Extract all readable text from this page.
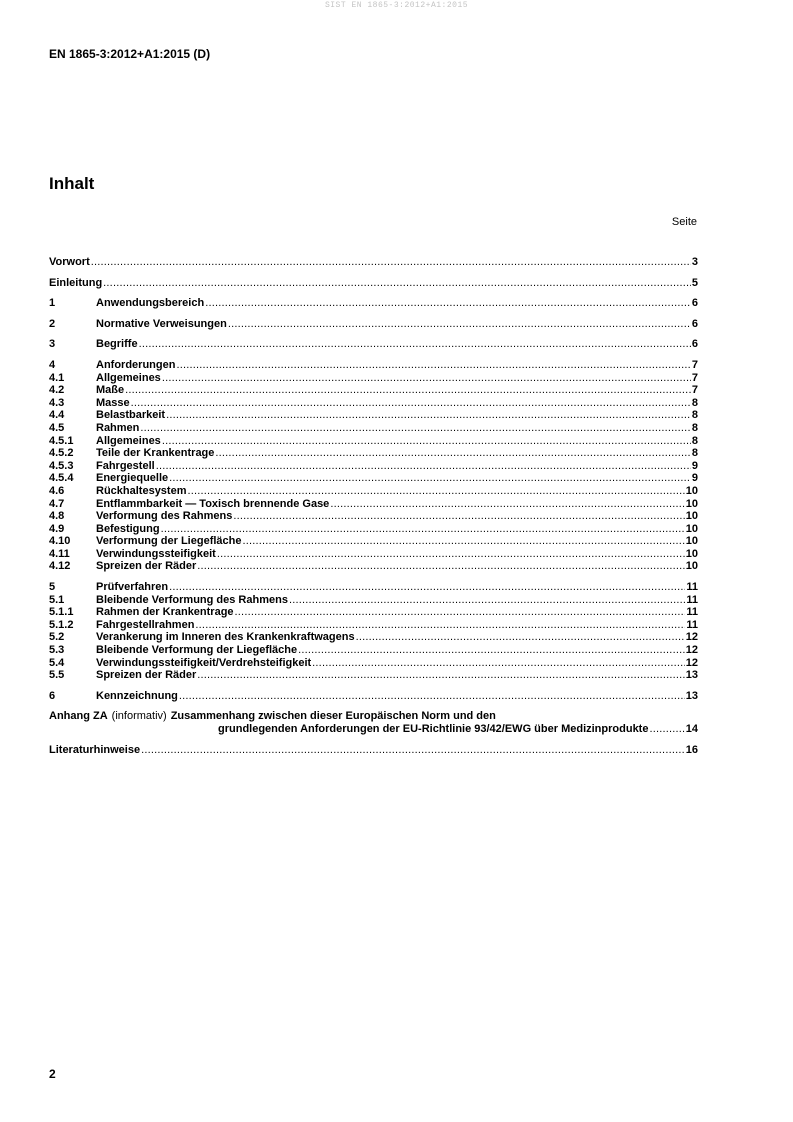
SIST EN 1865-3:2012+A1:2015
EN 1865-3:2012+A1:2015 (D)
Inhalt
Seite
Vorwort .....	3
Einleitung .....	5
1	Anwendungsbereich .....	6
2	Normative Verweisungen .....	6
3	Begriffe .....	6
4	Anforderungen .....	7
4.1	Allgemeines .....	7
4.2	Maße .....	7
4.3	Masse .....	8
4.4	Belastbarkeit .....	8
4.5	Rahmen .....	8
4.5.1	Allgemeines .....	8
4.5.2	Teile der Krankentrage .....	8
4.5.3	Fahrgestell .....	9
4.5.4	Energiequelle .....	9
4.6	Rückhaltesystem .....	10
4.7	Entflammbarkeit — Toxisch brennende Gase .....	10
4.8	Verformung des Rahmens .....	10
4.9	Befestigung .....	10
4.10	Verformung der Liegefläche .....	10
4.11	Verwindungssteifigkeit .....	10
4.12	Spreizen der Räder .....	10
5	Prüfverfahren .....	11
5.1	Bleibende Verformung des Rahmens .....	11
5.1.1	Rahmen der Krankentrage .....	11
5.1.2	Fahrgestellrahmen .....	11
5.2	Verankerung im Inneren des Krankenkraftwagens .....	12
5.3	Bleibende Verformung der Liegefläche .....	12
5.4	Verwindungssteifigkeit/Verdrehsteifigkeit .....	12
5.5	Spreizen der Räder .....	13
6	Kennzeichnung .....	13
Anhang ZA (informativ) Zusammenhang zwischen dieser Europäischen Norm und den
grundlegenden Anforderungen der EU-Richtlinie 93/42/EWG über Medizinprodukte .....	14
Literaturhinweise .....	16
2
